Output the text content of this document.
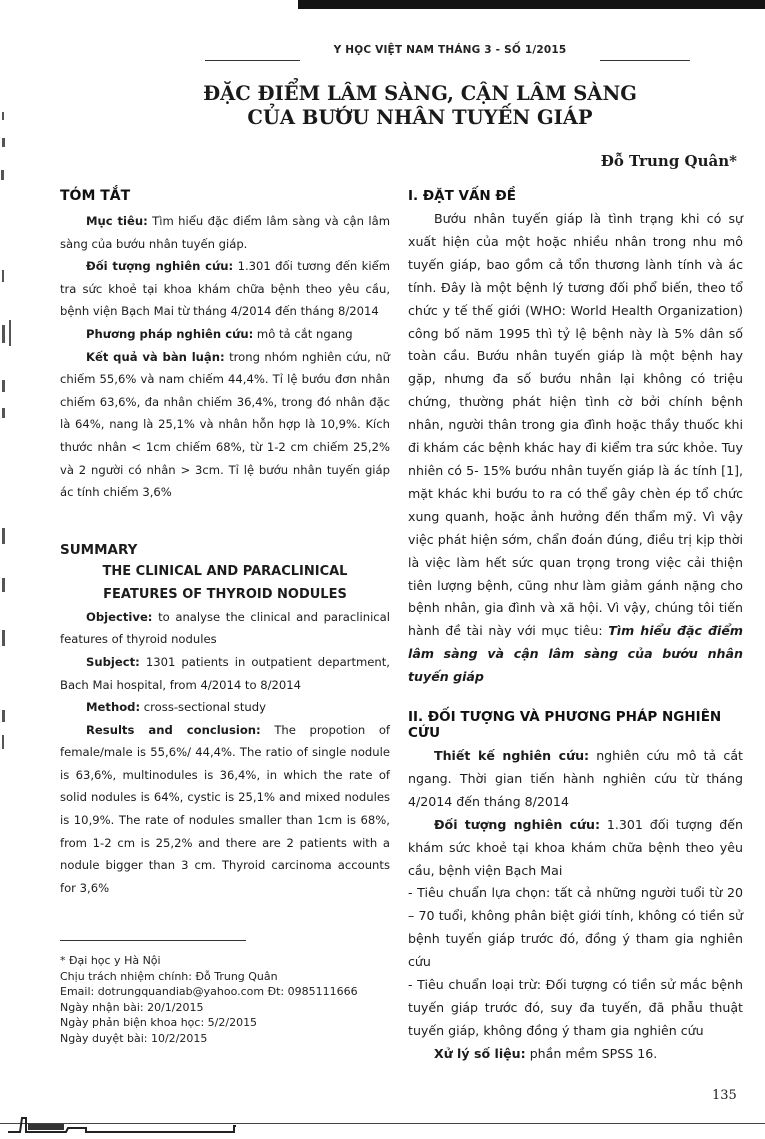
Y HỌC VIỆT NAM THÁNG 3 - SỐ 1/2015
ĐẶC ĐIỂM LÂM SÀNG, CẬN LÂM SÀNG
CỦA BƯỚU NHÂN TUYẾN GIÁP
Đỗ Trung Quân*
TÓM TẮT

Mục tiêu: Tìm hiểu đặc điểm lâm sàng và cận lâm sàng của bướu nhân tuyến giáp.

Đối tượng nghiên cứu: 1.301 đối tương đến kiểm tra sức khoẻ tại khoa khám chữa bệnh theo yêu cầu, bệnh viện Bạch Mai từ tháng 4/2014 đến tháng 8/2014

Phương pháp nghiên cứu: mô tả cắt ngang

Kết quả và bàn luận: trong nhóm nghiên cứu, nữ chiếm 55,6% và nam chiếm 44,4%. Tỉ lệ bướu đơn nhân chiếm 63,6%, đa nhân chiếm 36,4%, trong đó nhân đặc là 64%, nang là 25,1% và nhân hỗn hợp là 10,9%. Kích thước nhân < 1cm chiếm 68%, từ 1-2 cm chiếm 25,2% và 2 người có nhân > 3cm. Tỉ lệ bướu nhân tuyến giáp ác tính chiếm 3,6%

SUMMARY
THE CLINICAL AND PARACLINICAL
FEATURES OF THYROID NODULES

Objective: to analyse the clinical and paraclinical features of thyroid nodules

Subject: 1301 patients in outpatient department, Bach Mai hospital, from 4/2014 to 8/2014

Method: cross-sectional study

Results and conclusion: The propotion of female/male is 55,6%/ 44,4%. The ratio of single nodule is 63,6%, multinodules is 36,4%, in which the rate of solid nodules is 64%, cystic is 25,1% and mixed nodules is 10,9%. The rate of nodules smaller than 1cm is 68%, from 1-2 cm is 25,2% and there are 2 patients with a nodule bigger than 3 cm. Thyroid carcinoma accounts for 3,6%

* Đại học y Hà Nội
Chịu trách nhiệm chính: Đỗ Trung Quân
Email: dotrungquandiab@yahoo.com Đt: 0985111666
Ngày nhận bài: 20/1/2015
Ngày phản biện khoa học: 5/2/2015
Ngày duyệt bài: 10/2/2015
I. ĐẶT VẤN ĐỀ

Bướu nhân tuyến giáp là tình trạng khi có sự xuất hiện của một hoặc nhiều nhân trong nhu mô tuyến giáp, bao gồm cả tổn thương lành tính và ác tính. Đây là một bệnh lý tương đối phổ biến, theo tổ chức y tế thế giới (WHO: World Health Organization) công bố năm 1995 thì tỷ lệ bệnh này là 5% dân số toàn cầu. Bướu nhân tuyến giáp là một bệnh hay gặp, nhưng đa số bướu nhân lại không có triệu chứng, thường phát hiện tình cờ bởi chính bệnh nhân, người thân trong gia đình hoặc thầy thuốc khi đi khám các bệnh khác hay đi kiểm tra sức khỏe. Tuy nhiên có 5- 15% bướu nhân tuyến giáp là ác tính [1], mặt khác khi bướu to ra có thể gây chèn ép tổ chức xung quanh, hoặc ảnh hưởng đến thẩm mỹ. Vì vậy việc phát hiện sớm, chẩn đoán đúng, điều trị kịp thời là việc làm hết sức quan trọng trong việc cải thiện tiên lượng bệnh, cũng như làm giảm gánh nặng cho bệnh nhân, gia đình và xã hội. Vì vậy, chúng tôi tiến hành đề tài này với mục tiêu: Tìm hiểu đặc điểm lâm sàng và cận lâm sàng của bướu nhân tuyến giáp

II. ĐỐI TƯỢNG VÀ PHƯƠNG PHÁP NGHIÊN CỨU

Thiết kế nghiên cứu: nghiên cứu mô tả cắt ngang. Thời gian tiến hành nghiên cứu từ tháng 4/2014 đến tháng 8/2014

Đối tượng nghiên cứu: 1.301 đối tượng đến khám sức khoẻ tại khoa khám chữa bệnh theo yêu cầu, bệnh viện Bạch Mai

- Tiêu chuẩn lựa chọn: tất cả những người tuổi từ 20 – 70 tuổi, không phân biệt giới tính, không có tiền sử bệnh tuyến giáp trước đó, đồng ý tham gia nghiên cứu

- Tiêu chuẩn loại trừ: Đối tượng có tiền sử mắc bệnh tuyến giáp trước đó, suy đa tuyến, đã phẫu thuật tuyến giáp, không đồng ý tham gia nghiên cứu

Xử lý số liệu: phần mềm SPSS 16.

135
